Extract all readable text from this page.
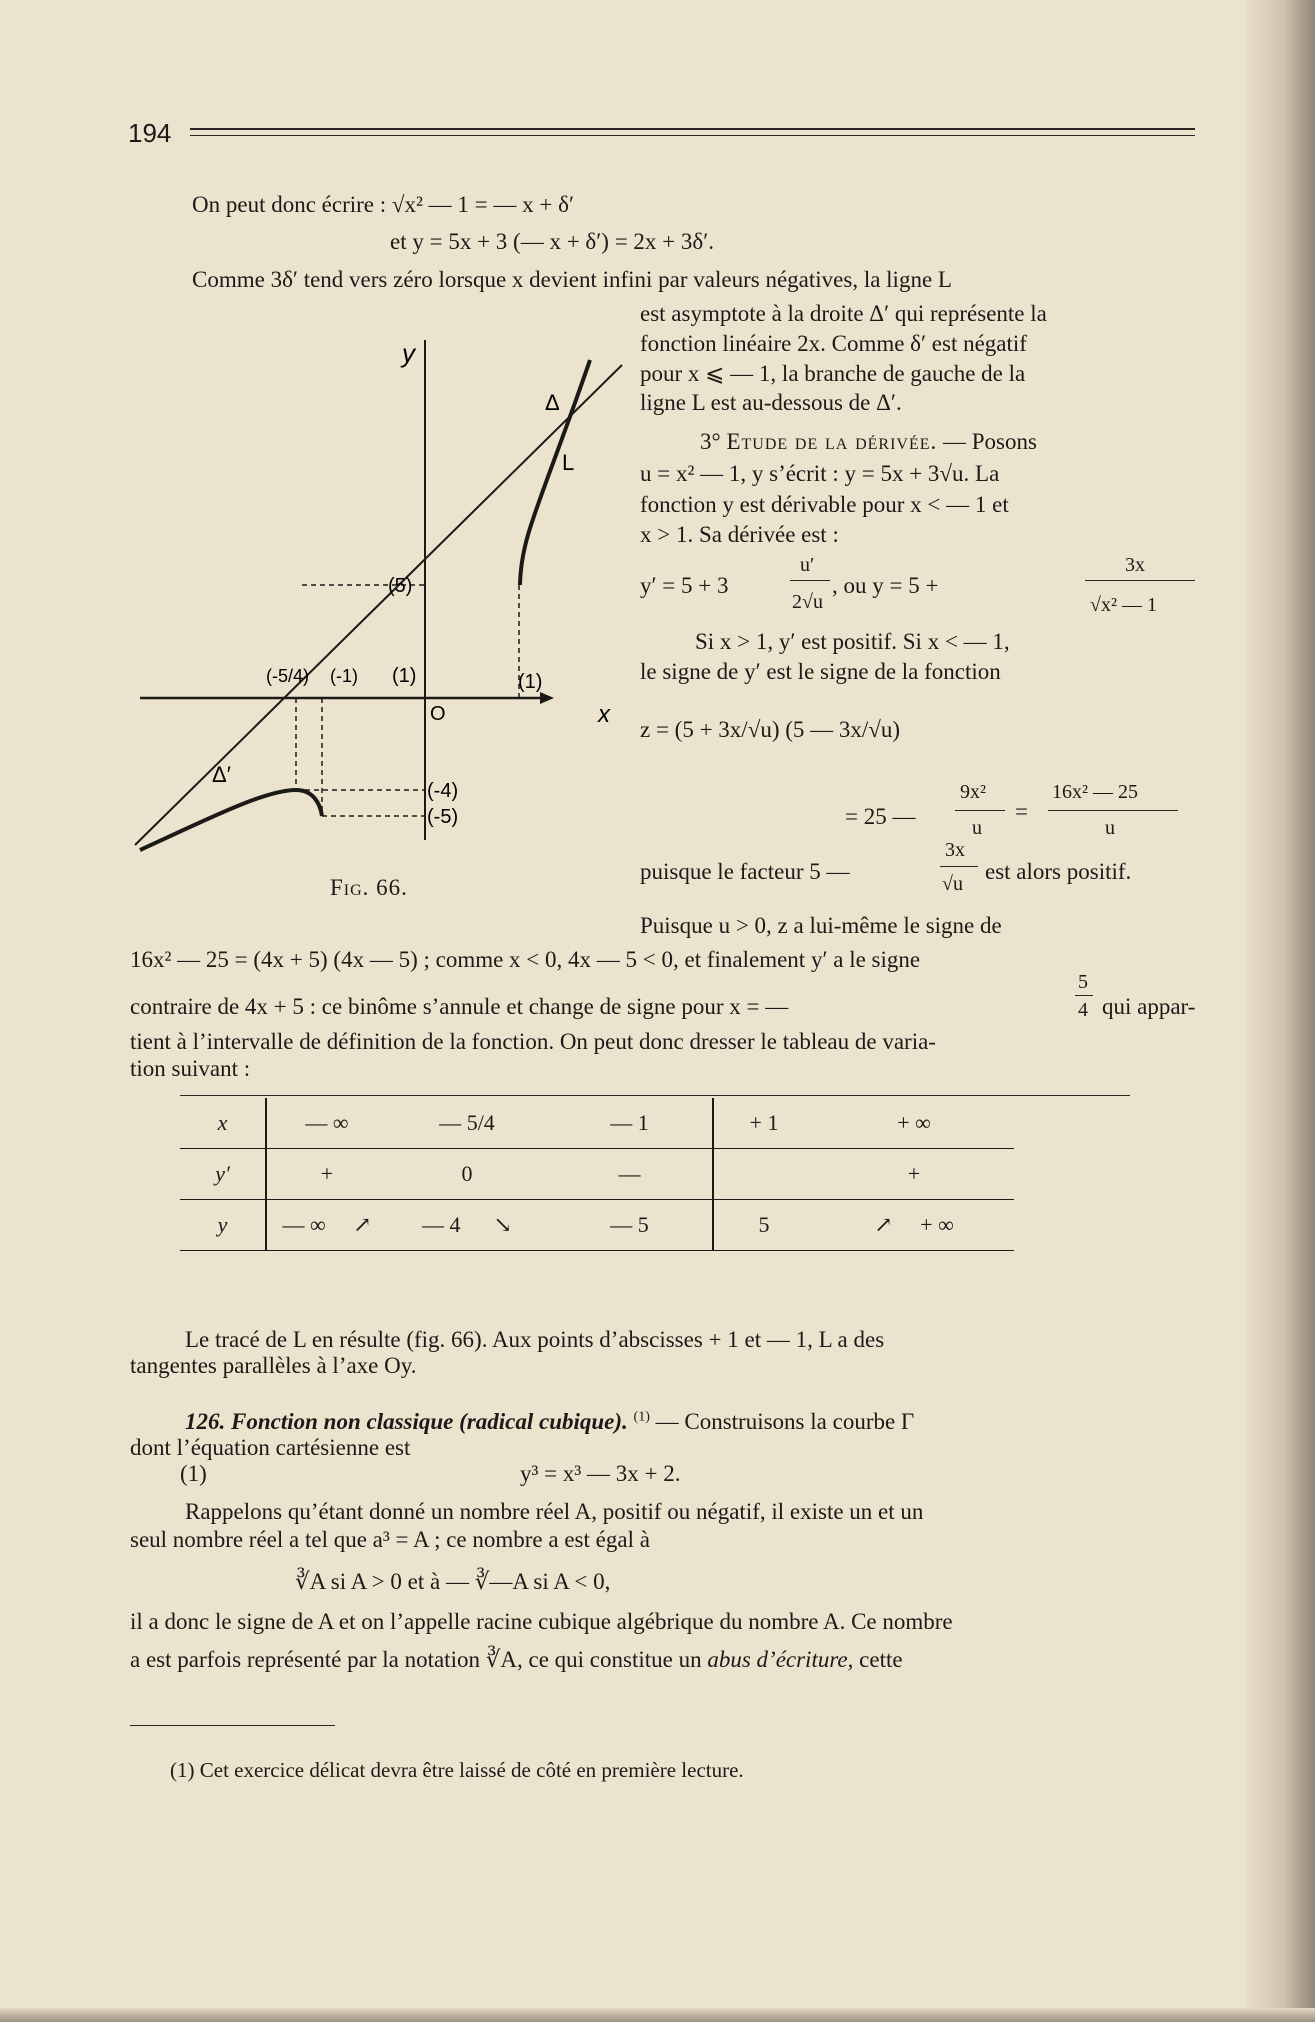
194
On peut donc écrire : √x² — 1 = — x + δ′
et y = 5x + 3 (— x + δ′) = 2x + 3δ′.
Comme 3δ′ tend vers zéro lorsque x devient infini par valeurs négatives, la ligne L
est asymptote à la droite Δ′ qui représente la
fonction linéaire 2x. Comme δ′ est négatif
pour x ⩽ — 1, la branche de gauche de la
ligne L est au-dessous de Δ′.
3° Etude de la dérivée. — Posons
u = x² — 1, y s’écrit : y = 5x + 3√u. La
fonction y est dérivable pour x < — 1 et
x > 1. Sa dérivée est :
y′ = 5 + 3
u′
2√u
, ou y = 5 +
3x
√x² — 1
Si x > 1, y′ est positif. Si x < — 1,
le signe de y′ est le signe de la fonction
z = (5 + 3x/√u) (5 — 3x/√u)
= 25 —
9x²
u
=
16x² — 25
u
puisque le facteur 5 —
3x
√u est alors positif.
Puisque u > 0, z a lui-même le signe de
y
x
O
Δ
L
Δ′
(5)
(1)	(1)
(-5/4) (-1)
(-4)
(-5)
Fig. 66.
16x² — 25 = (4x + 5) (4x — 5) ; comme x < 0, 4x — 5 < 0, et finalement y′ a le signe
contraire de 4x + 5 : ce binôme s’annule et change de signe pour x = —
5
4 qui appar-
tient à l’intervalle de définition de la fonction. On peut donc dresser le tableau de varia-
tion suivant :
x	— ∞	— 5/4	— 1	+ 1	+ ∞
y′	+	0	—		+
y	— ∞ ↗	— 4 ↘	— 5	5	↗ + ∞
Le tracé de L en résulte (fig. 66). Aux points d’abscisses + 1 et — 1, L a des
tangentes parallèles à l’axe Oy.
126. Fonction non classique (radical cubique). $^{(1)}$ — Construisons la courbe Γ
dont l’équation cartésienne est
(1)	y³ = x³ — 3x + 2.
Rappelons qu’étant donné un nombre réel A, positif ou négatif, il existe un et un
seul nombre réel a tel que a³ = A ; ce nombre a est égal à
∛A si A > 0 et à — ∛—A si A < 0,
il a donc le signe de A et on l’appelle racine cubique algébrique du nombre A. Ce nombre
a est parfois représenté par la notation ∛A, ce qui constitue un abus d’écriture, cette
(1) Cet exercice délicat devra être laissé de côté en première lecture.
